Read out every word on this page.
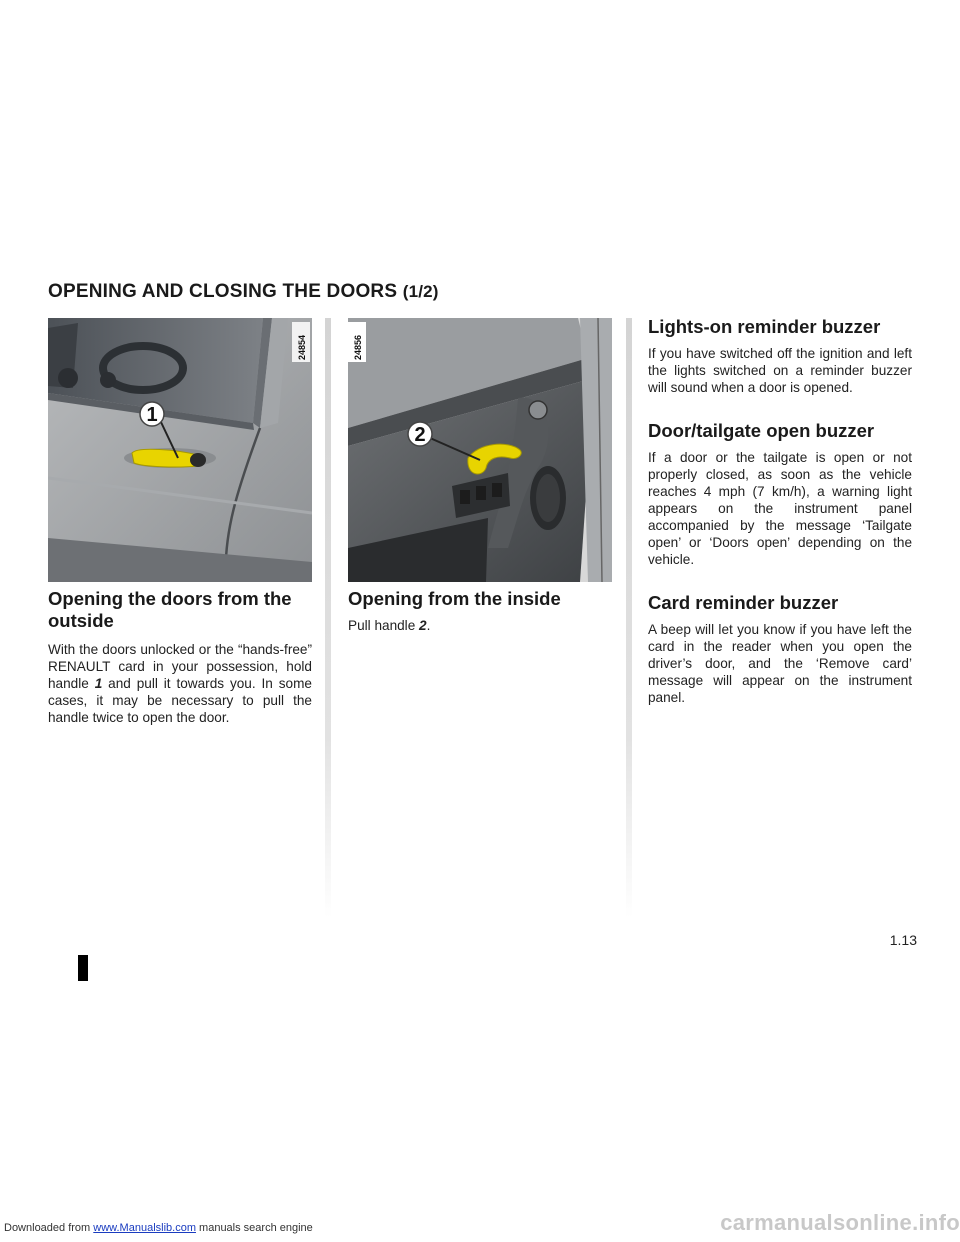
OPENING AND CLOSING THE DOORS (1/2)
1
24854
2
24856
Opening the doors from the outside

With the doors unlocked or the “hands-free” RENAULT card in your possession, hold handle 1 and pull it towards you. In some cases, it may be necessary to pull the handle twice to open the door.

Opening from the inside

Pull handle 2.

Lights-on reminder buzzer

If you have switched off the ignition and left the lights switched on a reminder buzzer will sound when a door is opened.

Door/tailgate open buzzer

If a door or the tailgate is open or not properly closed, as soon as the vehicle reaches 4 mph (7 km/h), a warning light appears on the instrument panel accompanied by the message ‘Tailgate open’ or ‘Doors open’ depending on the vehicle.

Card reminder buzzer

A beep will let you know if you have left the card in the reader when you open the driver’s door, and the ‘Remove card’ message will appear on the instrument panel.

1.13
Downloaded from www.Manualslib.com manuals search engine	carmanualsonline.info
